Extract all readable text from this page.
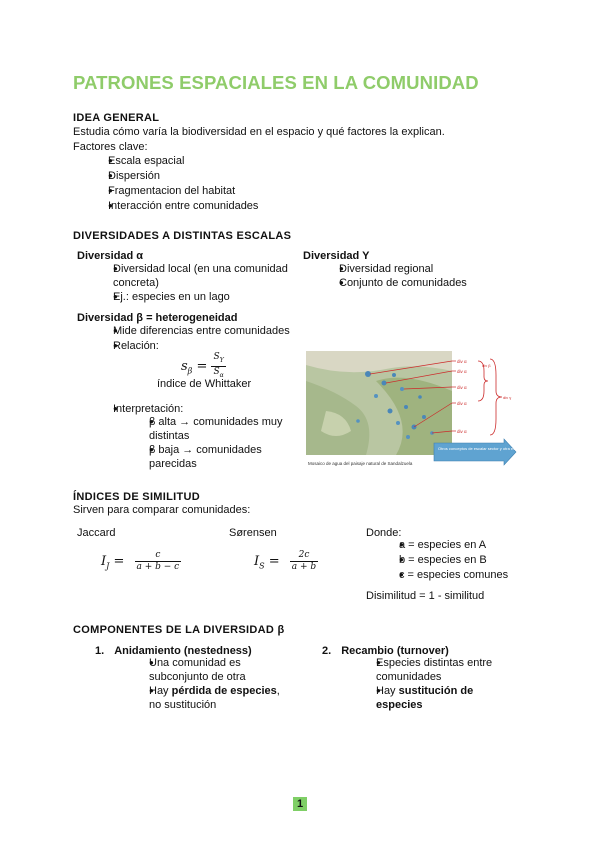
PATRONES ESPACIALES EN LA COMUNIDAD
IDEA GENERAL
Estudia cómo varía la biodiversidad en el espacio y qué factores la explican.
Factores clave:
● Escala espacial
● Dispersión
● Fragmentacion del habitat
● Interacción entre comunidades
DIVERSIDADES A DISTINTAS ESCALAS
Diversidad α
● Diversidad local (en una comunidad concreta)
● Ej.: especies en un lago
Diversidad Y
● Diversidad regional
● Conjunto de comunidades
Diversidad β = heterogeneidad
● Mide diferencias entre comunidades
● Relación:
$s_\beta = \frac{S_Y}{S_\alpha}$
índice de Whittaker
● Interpretación:
● β alta → comunidades muy distintas
● β baja → comunidades parecidas
div α
div α
div α
div α
div α
div β
div γ
Otros conceptos de escalar sector y otra escala sobre el paisaje
Mosaico de agua del paisaje natural de Sandalzuela
ÍNDICES DE SIMILITUD
Sirven para comparar comunidades:
Jaccard
$I_J = \frac{c}{a + b - c}$
Sørensen
$I_S = \frac{2c}{a + b}$
Donde:
● a = especies en A
● b = especies en B
● c = especies comunes
Disimilitud = 1 - similitud
COMPONENTES DE LA DIVERSIDAD β
1. Anidamiento (nestedness)
● Una comunidad es subconjunto de otra
● Hay pérdida de especies, no sustitución
2. Recambio (turnover)
● Especies distintas entre comunidades
● Hay sustitución de especies
1
